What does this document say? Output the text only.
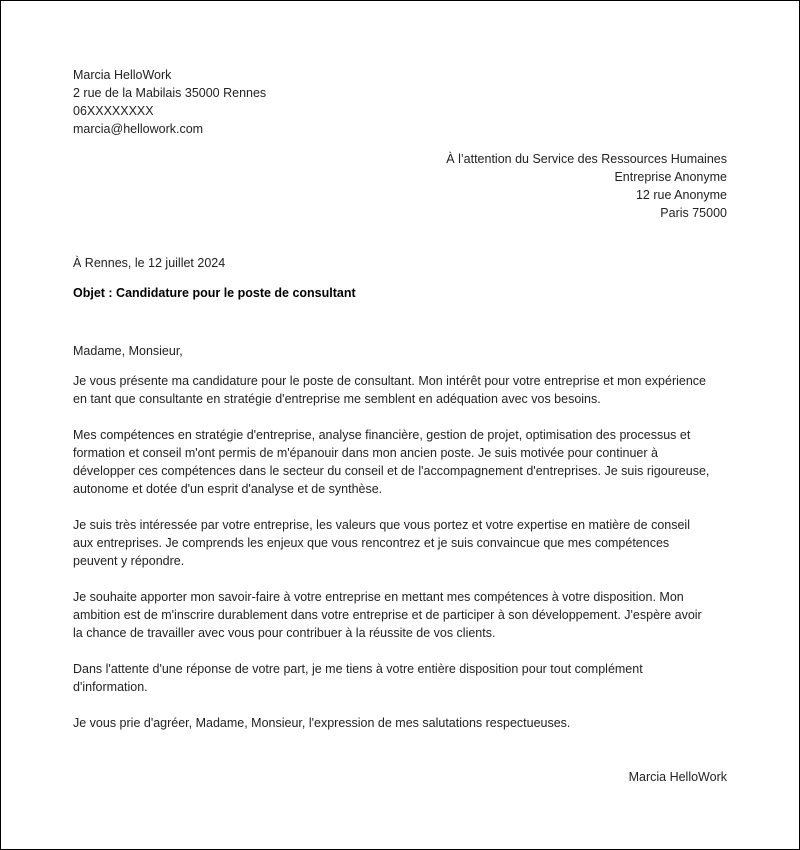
Marcia HelloWork
2 rue de la Mabilais 35000 Rennes
06XXXXXXXX
marcia@hellowork.com
À l’attention du Service des Ressources Humaines
Entreprise Anonyme
12 rue Anonyme
Paris 75000
À Rennes, le 12 juillet 2024
Objet : Candidature pour le poste de consultant
Madame, Monsieur,

Je vous présente ma candidature pour le poste de consultant. Mon intérêt pour votre entreprise et mon expérience
en tant que consultante en stratégie d'entreprise me semblent en adéquation avec vos besoins.

Mes compétences en stratégie d'entreprise, analyse financière, gestion de projet, optimisation des processus et
formation et conseil m'ont permis de m'épanouir dans mon ancien poste. Je suis motivée pour continuer à
développer ces compétences dans le secteur du conseil et de l'accompagnement d'entreprises. Je suis rigoureuse,
autonome et dotée d'un esprit d'analyse et de synthèse.

Je suis très intéressée par votre entreprise, les valeurs que vous portez et votre expertise en matière de conseil
aux entreprises. Je comprends les enjeux que vous rencontrez et je suis convaincue que mes compétences
peuvent y répondre.

Je souhaite apporter mon savoir-faire à votre entreprise en mettant mes compétences à votre disposition. Mon
ambition est de m'inscrire durablement dans votre entreprise et de participer à son développement. J'espère avoir
la chance de travailler avec vous pour contribuer à la réussite de vos clients.

Dans l'attente d'une réponse de votre part, je me tiens à votre entière disposition pour tout complément
d'information.

Je vous prie d'agréer, Madame, Monsieur, l'expression de mes salutations respectueuses.

Marcia HelloWork
